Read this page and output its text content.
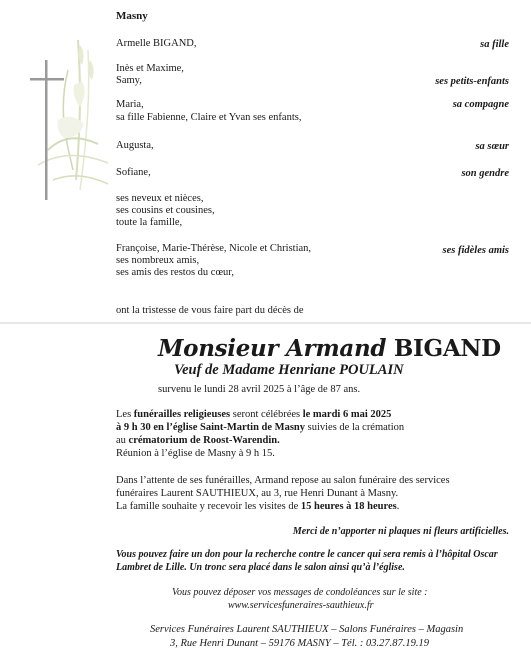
Masny
Armelle BIGAND,	sa fille
Inès et Maxime,
Samy,	ses petits-enfants
Maria,	sa compagne
sa fille Fabienne, Claire et Yvan ses enfants,
Augusta,	sa sœur
Sofiane,	son gendre
ses neveux et nièces,
ses cousins et cousines,
toute la famille,
Françoise, Marie-Thérèse, Nicole et Christian,	ses fidèles amis
ses nombreux amis,
ses amis des restos du cœur,
ont la tristesse de vous faire part du décès de
Monsieur Armand BIGAND
Veuf de Madame Henriane POULAIN
survenu le lundi 28 avril 2025 à l’âge de 87 ans.
Les funérailles religieuses seront célébrées le mardi 6 mai 2025
à 9 h 30 en l’église Saint-Martin de Masny suivies de la crémation
au crématorium de Roost-Warendin.
Réunion à l’église de Masny à 9 h 15.
Dans l’attente de ses funérailles, Armand repose au salon funéraire des services
funéraires Laurent SAUTHIEUX, au 3, rue Henri Dunant à Masny.
La famille souhaite y recevoir les visites de 15 heures à 18 heures.
Merci de n’apporter ni plaques ni fleurs artificielles.
Vous pouvez faire un don pour la recherche contre le cancer qui sera remis à l’hôpital Oscar
Lambret de Lille. Un tronc sera placé dans le salon ainsi qu’à l’église.
Vous pouvez déposer vos messages de condoléances sur le site :
www.servicesfuneraires-sauthieux.fr
Services Funéraires Laurent SAUTHIEUX – Salons Funéraires – Magasin
3, Rue Henri Dunant – 59176 MASNY – Tél. : 03.27.87.19.19
